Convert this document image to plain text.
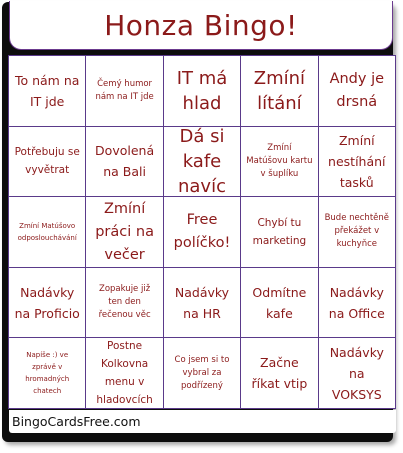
Honza Bingo!
To nám na IT jde
Čemý humor nám na IT jde
IT má hlad
Zmíní lítání
Andy je drsná
Potřebuju se vyvětrat
Dovolená na Bali
Dá si kafe navíc
Zmíní Matúšovu kartu v šuplíku
Zmíní nestíhání tasků
Zmíní Matúšovo odposlouchávání
Zmíní práci na večer
Free políčko!
Chybí tu marketing
Bude nechtěně překážet v kuchyňce
Nadávky na Proficio
Zopakuje již ten den řečenou věc
Nadávky na HR
Odmítne kafe
Nadávky na Office
Napíše :) ve zprávě v hromadných chatech
Postne Kolkovna menu v hladovcích
Co jsem si to vybral za podřízený
Začne říkat vtip
Nadávky na VOKSYS
BingoCardsFree.com
